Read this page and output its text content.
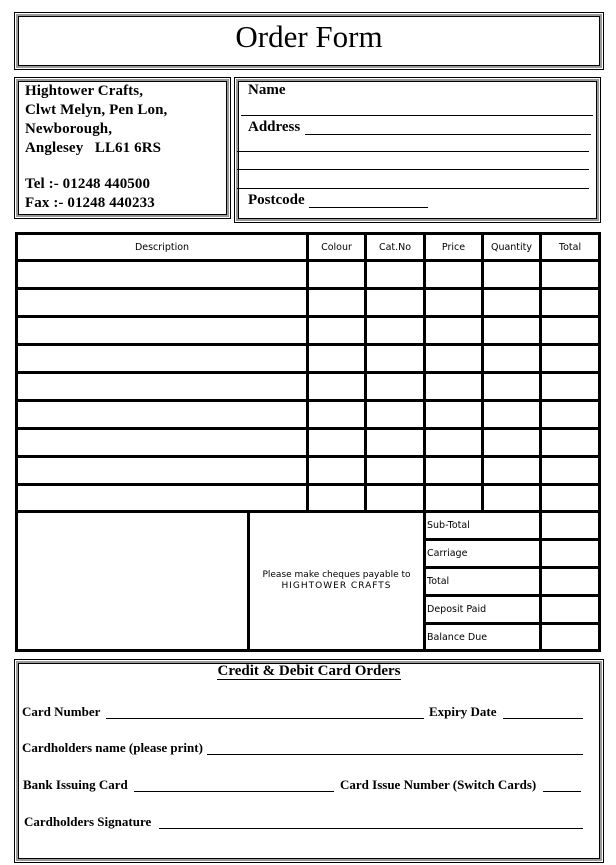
Order Form
Hightower Crafts,
Clwt Melyn, Pen Lon,
Newborough,
Anglesey   LL61 6RS
Tel :- 01248 440500
Fax :- 01248 440233
Name
Address
Postcode
Description	Colour	Cat.No	Price	Quantity	Total
Please make cheques payable to
HIGHTOWER CRAFTS
Sub-Total
Carriage
Total
Deposit Paid
Balance Due
Credit & Debit Card Orders
Card Number	Expiry Date
Cardholders name (please print)
Bank Issuing Card	Card Issue Number (Switch Cards)
Cardholders Signature
